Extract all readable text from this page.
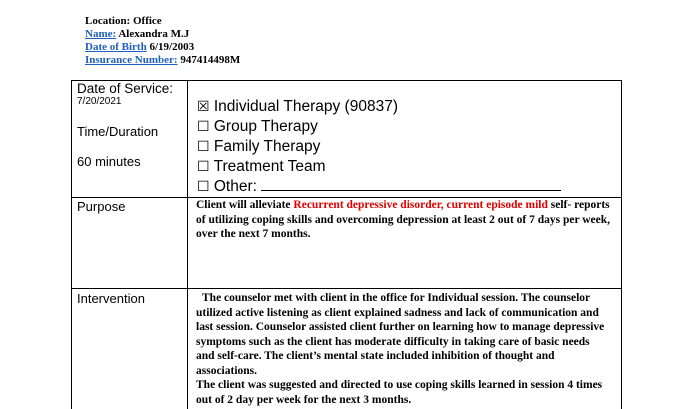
Location: Office
Name: Alexandra M.J
Date of Birth 6/19/2003
Insurance Number: 947414498M
Date of Service:
7/20/2021
Time/Duration
60 minutes
☒ Individual Therapy (90837)
☐ Group Therapy
☐ Family Therapy
☐ Treatment Team
☐ Other:
Purpose	Client will alleviate Recurrent depressive disorder, current episode mild self- reports of utilizing coping skills and overcoming depression at least 2 out of 7 days per week, over the next 7 months.
Intervention	The counselor met with client in the office for Individual session. The counselor utilized active listening as client explained sadness and lack of communication and last session. Counselor assisted client further on learning how to manage depressive symptoms such as the client has moderate difficulty in taking care of basic needs and self-care. The client’s mental state included inhibition of thought and associations.
The client was suggested and directed to use coping skills learned in session 4 times out of 2 day per week for the next 3 months.
